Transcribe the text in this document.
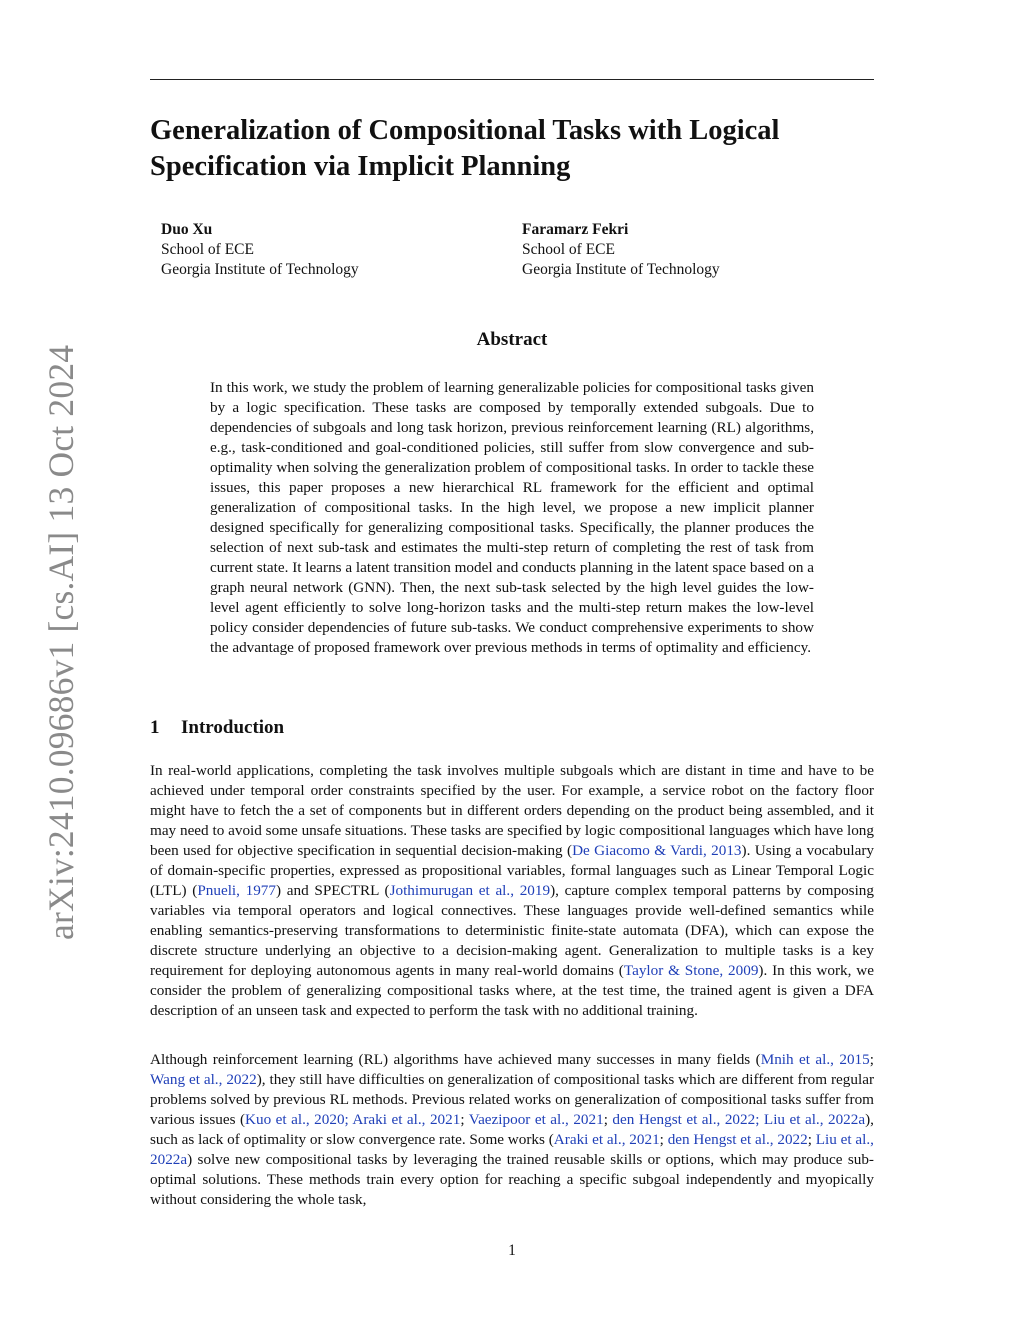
arXiv:2410.09686v1 [cs.AI] 13 Oct 2024
Generalization of Compositional Tasks with Logical Specification via Implicit Planning
Duo Xu
School of ECE
Georgia Institute of Technology
Faramarz Fekri
School of ECE
Georgia Institute of Technology
Abstract

In this work, we study the problem of learning generalizable policies for compositional tasks given by a logic specification. These tasks are composed by temporally extended subgoals. Due to dependencies of subgoals and long task horizon, previous reinforcement learning (RL) algorithms, e.g., task-conditioned and goal-conditioned policies, still suffer from slow convergence and sub-optimality when solving the generalization problem of compositional tasks. In order to tackle these issues, this paper proposes a new hierarchical RL framework for the efficient and optimal generalization of compositional tasks. In the high level, we propose a new implicit planner designed specifically for generalizing compositional tasks. Specifically, the planner produces the selection of next sub-task and estimates the multi-step return of completing the rest of task from current state. It learns a latent transition model and conducts planning in the latent space based on a graph neural network (GNN). Then, the next sub-task selected by the high level guides the low-level agent efficiently to solve long-horizon tasks and the multi-step return makes the low-level policy consider dependencies of future sub-tasks. We conduct comprehensive experiments to show the advantage of proposed framework over previous methods in terms of optimality and efficiency.

1 Introduction

In real-world applications, completing the task involves multiple subgoals which are distant in time and have to be achieved under temporal order constraints specified by the user. For example, a service robot on the factory floor might have to fetch the a set of components but in different orders depending on the product being assembled, and it may need to avoid some unsafe situations. These tasks are specified by logic compositional languages which have long been used for objective specification in sequential decision-making (De Giacomo & Vardi, 2013). Using a vocabulary of domain-specific properties, expressed as propositional variables, formal languages such as Linear Temporal Logic (LTL) (Pnueli, 1977) and SPECTRL (Jothimurugan et al., 2019), capture complex temporal patterns by composing variables via temporal operators and logical connectives. These languages provide well-defined semantics while enabling semantics-preserving transformations to deterministic finite-state automata (DFA), which can expose the discrete structure underlying an objective to a decision-making agent. Generalization to multiple tasks is a key requirement for deploying autonomous agents in many real-world domains (Taylor & Stone, 2009). In this work, we consider the problem of generalizing compositional tasks where, at the test time, the trained agent is given a DFA description of an unseen task and expected to perform the task with no additional training.

Although reinforcement learning (RL) algorithms have achieved many successes in many fields (Mnih et al., 2015; Wang et al., 2022), they still have difficulties on generalization of compositional tasks which are different from regular problems solved by previous RL methods. Previous related works on generalization of compositional tasks suffer from various issues (Kuo et al., 2020; Araki et al., 2021; Vaezipoor et al., 2021; den Hengst et al., 2022; Liu et al., 2022a), such as lack of optimality or slow convergence rate. Some works (Araki et al., 2021; den Hengst et al., 2022; Liu et al., 2022a) solve new compositional tasks by leveraging the trained reusable skills or options, which may produce sub-optimal solutions. These methods train every option for reaching a specific subgoal independently and myopically without considering the whole task,

1
